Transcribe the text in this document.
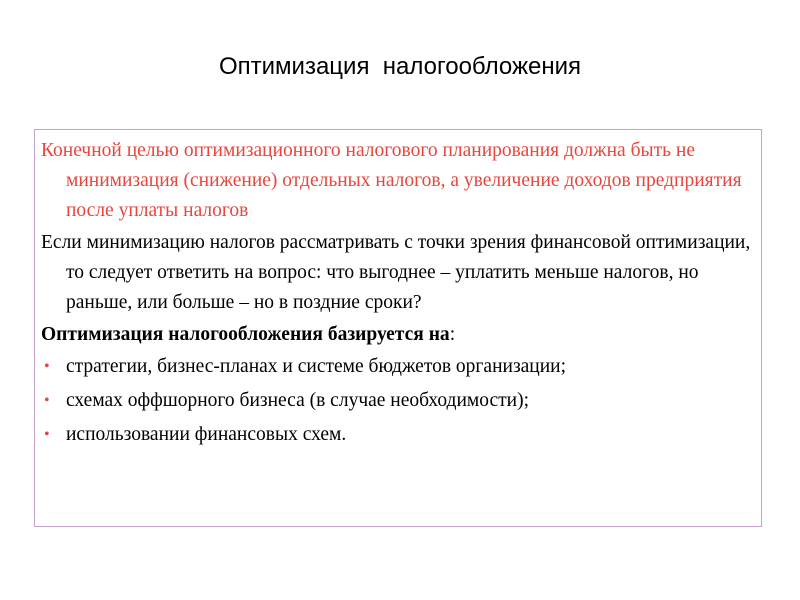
Оптимизация  налогообложения

Конечной целью оптимизационного налогового планирования должна быть не минимизация (снижение) отдельных налогов, а увеличение доходов предприятия после уплаты налогов

Если минимизацию налогов рассматривать с точки зрения финансовой оптимизации, то следует ответить на вопрос: что выгоднее – уплатить меньше налогов, но раньше, или больше – но в поздние сроки?

Оптимизация налогообложения базируется на:

• стратегии, бизнес-планах и системе бюджетов организации;
• схемах оффшорного бизнеса (в случае необходимости);
• использовании финансовых схем.
